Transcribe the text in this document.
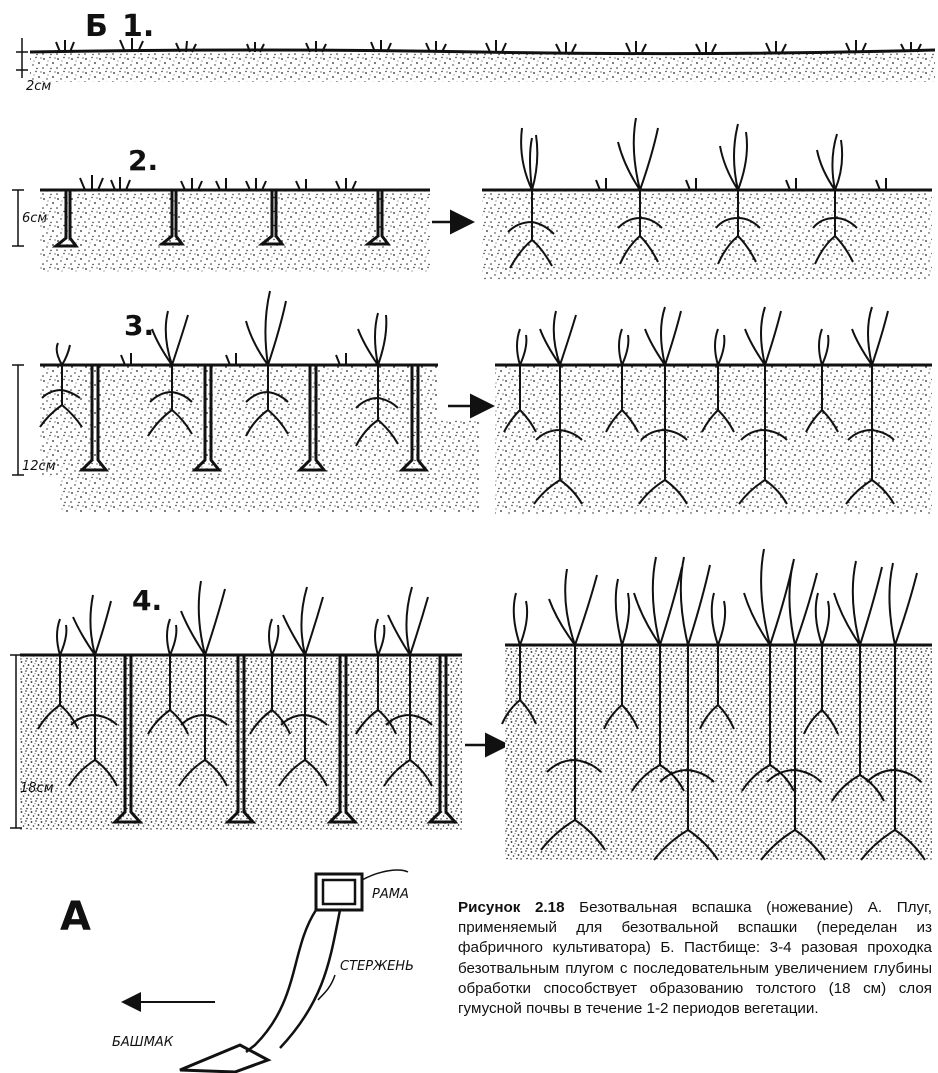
Б 1.
2см
2.
6см
3.
12см
4.
18см
A	РАМА
СТЕРЖЕНЬ
БАШМАК
Рисунок 2.18 Безотвальная вспашка (ножевание) А. Плуг, применяемый для безотвальной вспашки (переделан из фабричного культиватора) Б. Пастбище: 3-4 разовая проходка безотвальным плугом с последовательным увеличением глубины обработки способствует образованию толстого (18 см) слоя гумусной почвы в течение 1-2 периодов вегетации.
